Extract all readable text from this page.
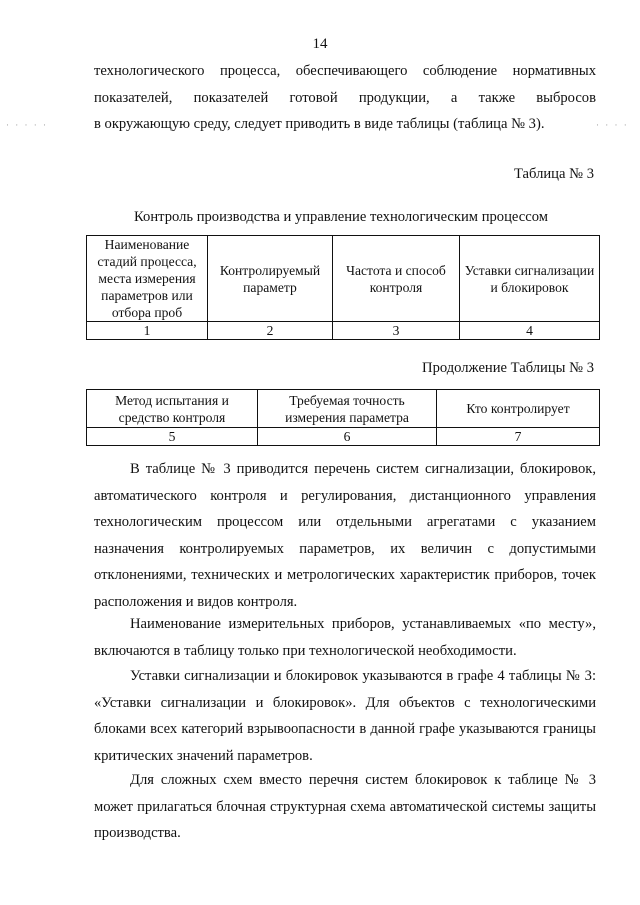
14
· · · · ·	· · · ·
технологического процесса, обеспечивающего соблюдение нормативных
показателей, показателей готовой продукции, а также выбросов
в окружающую среду, следует приводить в виде таблицы (таблица № 3).
Таблица № 3
Контроль производства и управление технологическим процессом
Наименование стадий процесса, места измерения параметров или отбора проб	Контролируемый параметр	Частота и способ контроля	Уставки сигнализации и блокировок
1	2	3	4
Продолжение Таблицы № 3
Метод испытания и средство контроля	Требуемая точность измерения параметра	Кто контролирует
5	6	7
В таблице № 3 приводится перечень систем сигнализации, блокировок, автоматического контроля и регулирования, дистанционного управления технологическим процессом или отдельными агрегатами с указанием назначения контролируемых параметров, их величин с допустимыми отклонениями, технических и метрологических характеристик приборов, точек расположения и видов контроля.
Наименование измерительных приборов, устанавливаемых «по месту», включаются в таблицу только при технологической необходимости.
Уставки сигнализации и блокировок указываются в графе 4 таблицы № 3: «Уставки сигнализации и блокировок». Для объектов с технологическими блоками всех категорий взрывоопасности в данной графе указываются границы критических значений параметров.
Для сложных схем вместо перечня систем блокировок к таблице № 3 может прилагаться блочная структурная схема автоматической системы защиты производства.
